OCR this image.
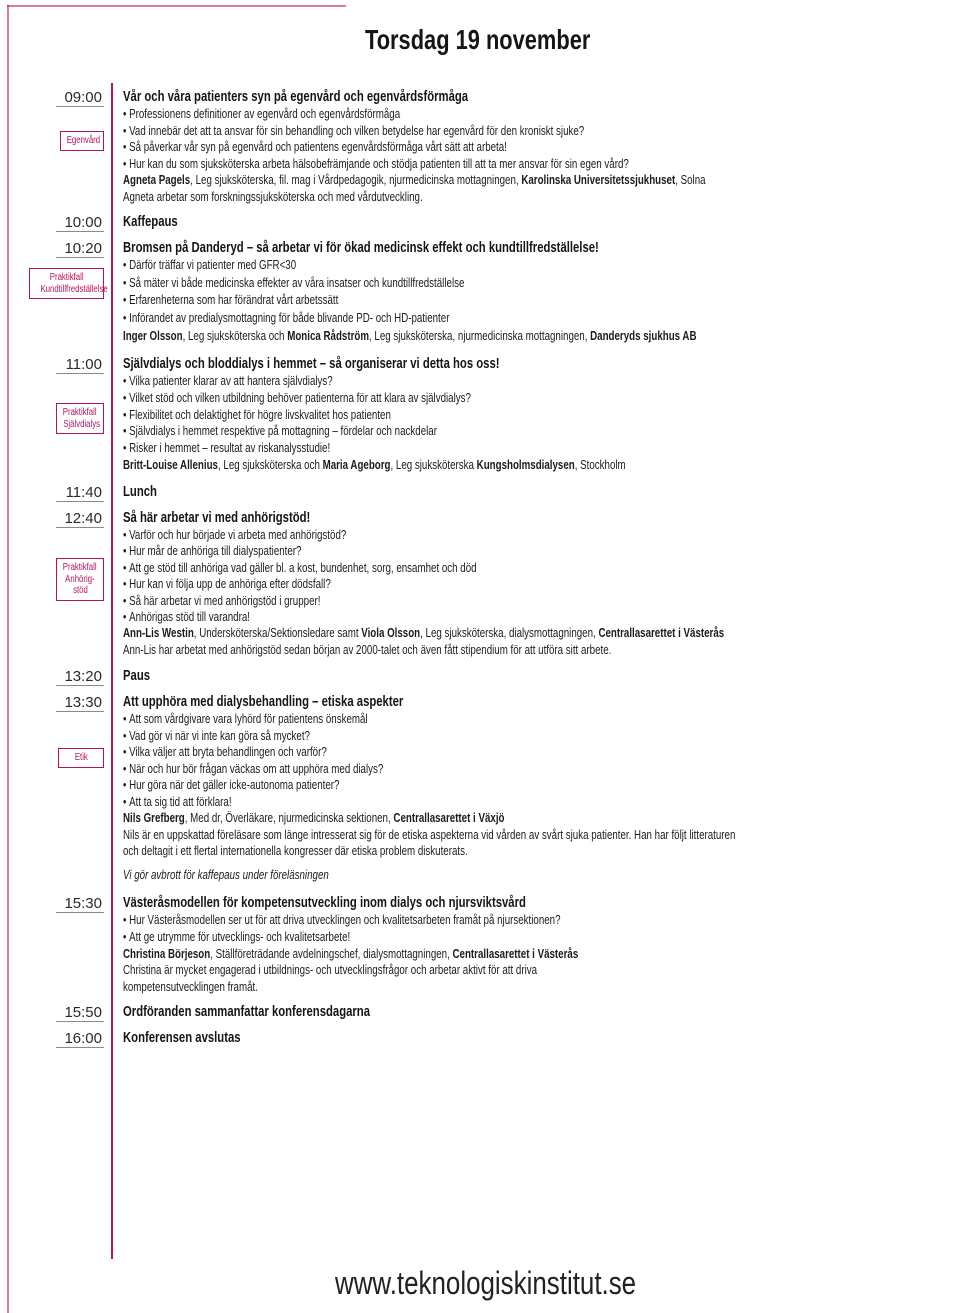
Torsdag 19 november
09:00
Egenvård
10:00
10:20
Praktikfall
Kundtillfredställelse
11:00
Praktikfall
Självdialys
11:40
12:40
Praktikfall
Anhörig-
stöd
13:20
13:30
Etik
15:30
15:50
16:00
Vår och våra patienters syn på egenvård och egenvårdsförmåga
• Professionens definitioner av egenvård och egenvårdsförmåga
• Vad innebär det att ta ansvar för sin behandling och vilken betydelse har egenvård för den kroniskt sjuke?
• Så påverkar vår syn på egenvård och patientens egenvårdsförmåga vårt sätt att arbeta!
• Hur kan du som sjuksköterska arbeta hälsobefrämjande och stödja patienten till att ta mer ansvar för sin egen vård?
Agneta Pagels, Leg sjuksköterska, fil. mag i Vårdpedagogik, njurmedicinska mottagningen, Karolinska Universitetssjukhuset, Solna
Agneta arbetar som forskningssjuksköterska och med vårdutveckling.
Kaffepaus
Bromsen på Danderyd – så arbetar vi för ökad medicinsk effekt och kundtillfredställelse!
• Därför träffar vi patienter med GFR<30
• Så mäter vi både medicinska effekter av våra insatser och kundtillfredställelse
• Erfarenheterna som har förändrat vårt arbetssätt
• Införandet av predialysmottagning för både blivande PD- och HD-patienter
Inger Olsson, Leg sjuksköterska och Monica Rådström, Leg sjuksköterska, njurmedicinska mottagningen, Danderyds sjukhus AB
Självdialys och bloddialys i hemmet – så organiserar vi detta hos oss!
• Vilka patienter klarar av att hantera självdialys?
• Vilket stöd och vilken utbildning behöver patienterna för att klara av självdialys?
• Flexibilitet och delaktighet för högre livskvalitet hos patienten
• Självdialys i hemmet respektive på mottagning – fördelar och nackdelar
• Risker i hemmet – resultat av riskanalysstudie!
Britt-Louise Allenius, Leg sjuksköterska och Maria Ageborg, Leg sjuksköterska Kungsholmsdialysen, Stockholm
Lunch
Så här arbetar vi med anhörigstöd!
• Varför och hur började vi arbeta med anhörigstöd?
• Hur mår de anhöriga till dialyspatienter?
• Att ge stöd till anhöriga vad gäller bl. a kost, bundenhet, sorg, ensamhet och död
• Hur kan vi följa upp de anhöriga efter dödsfall?
• Så här arbetar vi med anhörigstöd i grupper!
• Anhörigas stöd till varandra!
Ann-Lis Westin, Undersköterska/Sektionsledare samt Viola Olsson, Leg sjuksköterska, dialysmottagningen, Centrallasarettet i Västerås
Ann-Lis har arbetat med anhörigstöd sedan början av 2000-talet och även fått stipendium för att utföra sitt arbete.
Paus
Att upphöra med dialysbehandling – etiska aspekter
• Att som vårdgivare vara lyhörd för patientens önskemål
• Vad gör vi när vi inte kan göra så mycket?
• Vilka väljer att bryta behandlingen och varför?
• När och hur bör frågan väckas om att upphöra med dialys?
• Hur göra när det gäller icke-autonoma patienter?
• Att ta sig tid att förklara!
Nils Grefberg, Med dr, Överläkare, njurmedicinska sektionen, Centrallasarettet i Växjö
Nils är en uppskattad föreläsare som länge intresserat sig för de etiska aspekterna vid vården av svårt sjuka patienter. Han har följt litteraturen
och deltagit i ett flertal internationella kongresser där etiska problem diskuterats.
Vi gör avbrott för kaffepaus under föreläsningen
Västeråsmodellen för kompetensutveckling inom dialys och njursviktsvård
• Hur Västeråsmodellen ser ut för att driva utvecklingen och kvalitetsarbeten framåt på njursektionen?
• Att ge utrymme för utvecklings- och kvalitetsarbete!
Christina Börjeson, Ställföreträdande avdelningschef, dialysmottagningen, Centrallasarettet i Västerås
Christina är mycket engagerad i utbildnings- och utvecklingsfrågor och arbetar aktivt för att driva
kompetensutvecklingen framåt.
Ordföranden sammanfattar konferensdagarna
Konferensen avslutas
www.teknologiskinstitut.se
